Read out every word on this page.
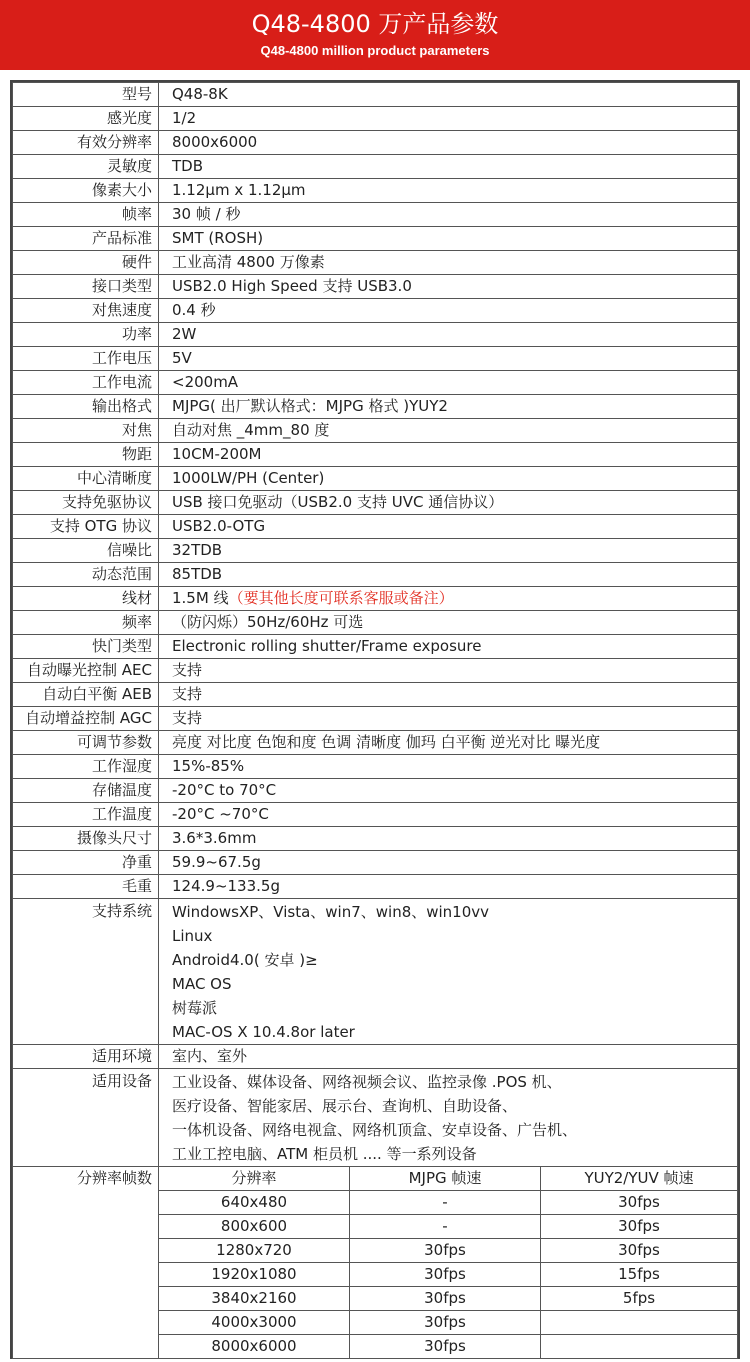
Q48-4800 万产品参数
Q48-4800 million product parameters
型号	Q48-8K
感光度	1/2
有效分辨率	8000x6000
灵敏度	TDB
像素大小	1.12μm x 1.12μm
帧率	30 帧 / 秒
产品标准	SMT (ROSH)
硬件	工业高清 4800 万像素
接口类型	USB2.0 High Speed 支持 USB3.0
对焦速度	0.4 秒
功率	2W
工作电压	5V
工作电流	<200mA
输出格式	MJPG( 出厂默认格式：MJPG 格式 )YUY2
对焦	自动对焦 _4mm_80 度
物距	10CM-200M
中心清晰度	1000LW/PH (Center)
支持免驱协议	USB 接口免驱动（USB2.0 支持 UVC 通信协议）
支持 OTG 协议	USB2.0-OTG
信噪比	32TDB
动态范围	85TDB
线材	1.5M 线（要其他长度可联系客服或备注）
频率	（防闪烁）50Hz/60Hz 可选
快门类型	Electronic rolling shutter/Frame exposure
自动曝光控制 AEC	支持
自动白平衡 AEB	支持
自动增益控制 AGC	支持
可调节参数	亮度 对比度 色饱和度 色调 清晰度 伽玛 白平衡 逆光对比 曝光度
工作湿度	15%-85%
存储温度	-20°C to 70°C
工作温度	-20°C ~70°C
摄像头尺寸	3.6*3.6mm
净重	59.9~67.5g
毛重	124.9~133.5g
支持系统	WindowsXP、Vista、win7、win8、win10vv
Linux
Android4.0( 安卓 )≥
MAC OS
树莓派
MAC-OS X 10.4.8or later

适用环境	室内、室外
适用设备	工业设备、媒体设备、网络视频会议、监控录像 .POS 机、
医疗设备、智能家居、展示台、查询机、自助设备、
一体机设备、网络电视盒、网络机顶盒、安卓设备、广告机、
工业工控电脑、ATM 柜员机 .... 等一系列设备

分辨率帧数		分辨率	MJPG 帧速	YUY2/YUV 帧速
640x480	-	30fps
800x600	-	30fps
1280x720	30fps	30fps
1920x1080	30fps	15fps
3840x2160	30fps	5fps
4000x3000	30fps	
8000x6000	30fps	
